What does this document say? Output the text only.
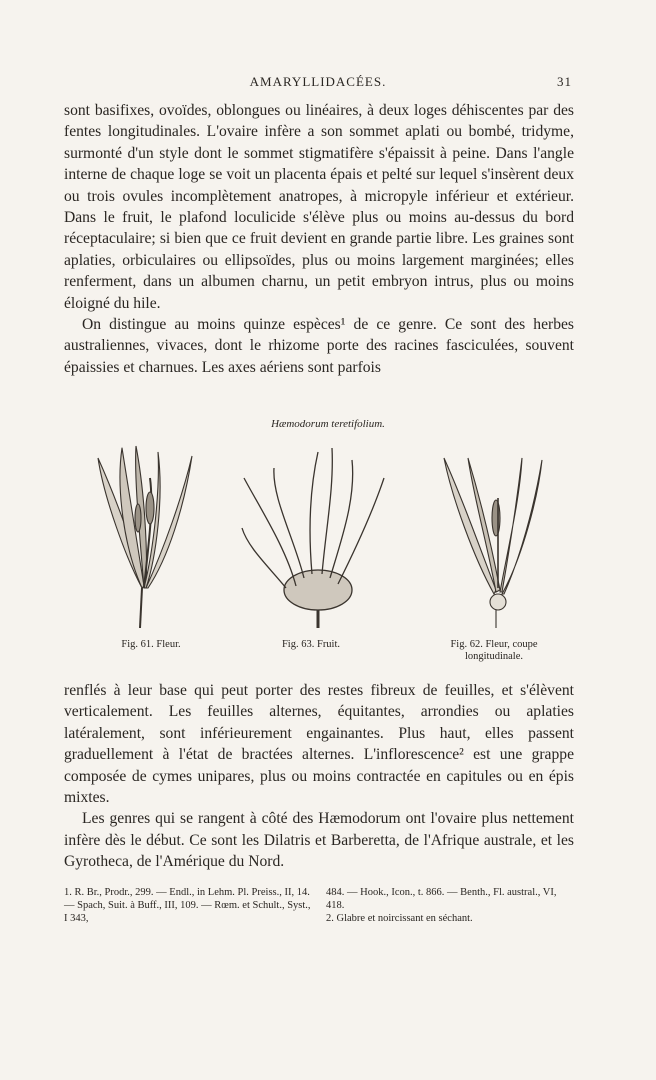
AMARYLLIDACÉES.	31

sont basifixes, ovoïdes, oblongues ou linéaires, à deux loges déhiscentes par des fentes longitudinales. L'ovaire infère a son sommet aplati ou bombé, tridyme, surmonté d'un style dont le sommet stigmatifère s'épaissit à peine. Dans l'angle interne de chaque loge se voit un placenta épais et pelté sur lequel s'insèrent deux ou trois ovules incomplètement anatropes, à micropyle inférieur et extérieur. Dans le fruit, le plafond loculicide s'élève plus ou moins au-dessus du bord réceptaculaire; si bien que ce fruit devient en grande partie libre. Les graines sont aplaties, orbiculaires ou ellipsoïdes, plus ou moins largement marginées; elles renferment, dans un albumen charnu, un petit embryon intrus, plus ou moins éloigné du hile.

On distingue au moins quinze espèces¹ de ce genre. Ce sont des herbes australiennes, vivaces, dont le rhizome porte des racines fasciculées, souvent épaissies et charnues. Les axes aériens sont parfois

Hæmodorum teretifolium.
Fig. 61. Fleur.	Fig. 63. Fruit.	Fig. 62. Fleur, coupe longitudinale.

renflés à leur base qui peut porter des restes fibreux de feuilles, et s'élèvent verticalement. Les feuilles alternes, équitantes, arrondies ou aplaties latéralement, sont inférieurement engainantes. Plus haut, elles passent graduellement à l'état de bractées alternes. L'inflorescence² est une grappe composée de cymes unipares, plus ou moins contractée en capitules ou en épis mixtes.

Les genres qui se rangent à côté des Hæmodorum ont l'ovaire plus nettement infère dès le début. Ce sont les Dilatris et Barberetta, de l'Afrique australe, et les Gyrotheca, de l'Amérique du Nord.

1. R. Br., Prodr., 299. — Endl., in Lehm. Pl. Preiss., II, 14. — Spach, Suit. à Buff., III, 109. — Rœm. et Schult., Syst., I 343,

484. — Hook., Icon., t. 866. — Benth., Fl. austral., VI, 418.

2. Glabre et noircissant en séchant.
